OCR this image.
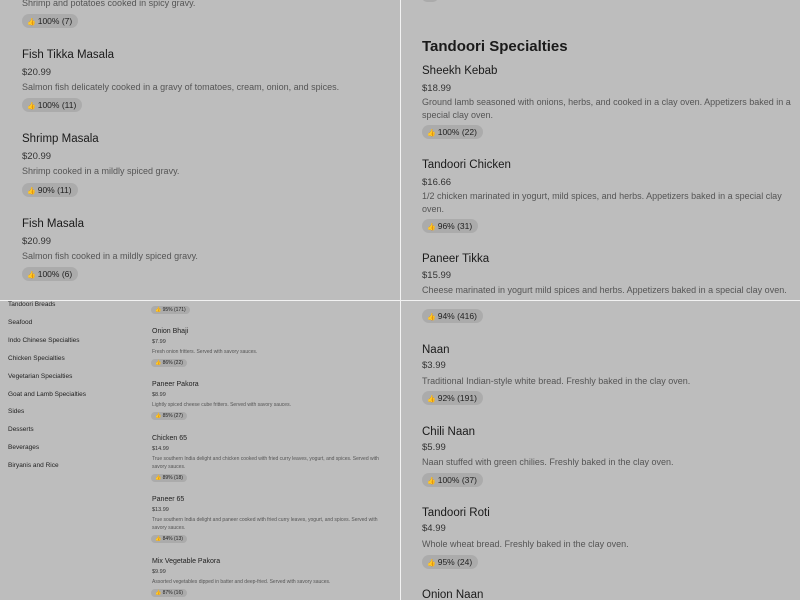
Shrimp and potatoes cooked in spicy gravy.
👍 100% (7)
Fish Tikka Masala
$20.99
Salmon fish delicately cooked in a gravy of tomatoes, cream, onion, and spices.
👍 100% (11)
Shrimp Masala
$20.99
Shrimp cooked in a mildly spiced gravy.
👍 90% (11)
Fish Masala
$20.99
Salmon fish cooked in a mildly spiced gravy.
👍 100% (6)
Tandoori Specialties
Sheekh Kebab
$18.99
Ground lamb seasoned with onions, herbs, and cooked in a clay oven. Appetizers baked in a
special clay oven.
👍 100% (22)
Tandoori Chicken
$16.66
1/2 chicken marinated in yogurt, mild spices, and herbs. Appetizers baked in a special clay
oven.
👍 96% (31)
Paneer Tikka
$15.99
Cheese marinated in yogurt mild spices and herbs. Appetizers baked in a special clay oven.
Tandoori Breads
Seafood
Indo Chinese Specialties
Chicken Specialties
Vegetarian Specialties
Goat and Lamb Specialties
Sides
Desserts
Beverages
Biryanis and Rice
👍 95% (171)
Onion Bhaji
$7.99
Fresh onion fritters. Served with savory sauces.
👍 86% (22)
Paneer Pakora
$8.99
Lightly spiced cheese cube fritters. Served with savory sauces.
👍 85% (27)
Chicken 65
$14.99
True southern India delight and chicken cooked with fried curry leaves, yogurt, and spices. Served with savory sauces.
👍 89% (18)
Paneer 65
$13.99
True southern India delight and paneer cooked with fried curry leaves, yogurt, and spices. Served with savory sauces.
👍 84% (13)
Mix Vegetable Pakora
$9.99
Assorted vegetables dipped in batter and deep-fried. Served with savory sauces.
👍 87% (16)
👍 94% (416)
Naan
$3.99
Traditional Indian-style white bread. Freshly baked in the clay oven.
👍 92% (191)
Chili Naan
$5.99
Naan stuffed with green chilies. Freshly baked in the clay oven.
👍 100% (37)
Tandoori Roti
$4.99
Whole wheat bread. Freshly baked in the clay oven.
👍 95% (24)
Onion Naan
